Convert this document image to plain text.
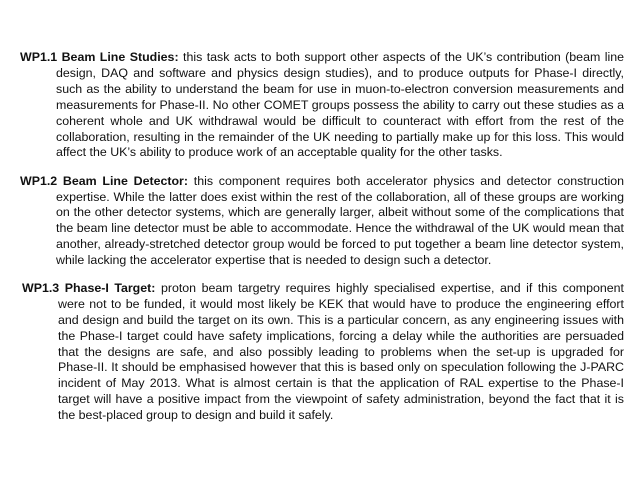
WP1.1 Beam Line Studies: this task acts to both support other aspects of the UK’s contribution (beam line design, DAQ and software and physics design studies), and to produce outputs for Phase-I directly, such as the ability to understand the beam for use in muon-to-electron conversion measurements and measurements for Phase-II. No other COMET groups possess the ability to carry out these studies as a coherent whole and UK withdrawal would be difficult to counteract with effort from the rest of the collaboration, resulting in the remainder of the UK needing to partially make up for this loss. This would affect the UK’s ability to produce work of an acceptable quality for the other tasks.

WP1.2 Beam Line Detector: this component requires both accelerator physics and detector construction expertise. While the latter does exist within the rest of the collaboration, all of these groups are working on the other detector systems, which are generally larger, albeit without some of the complications that the beam line detector must be able to accommodate. Hence the withdrawal of the UK would mean that another, already-stretched detector group would be forced to put together a beam line detector system, while lacking the accelerator expertise that is needed to design such a detector.

WP1.3 Phase-I Target: proton beam targetry requires highly specialised expertise, and if this component were not to be funded, it would most likely be KEK that would have to produce the engineering effort and design and build the target on its own. This is a particular concern, as any engineering issues with the Phase-I target could have safety implications, forcing a delay while the authorities are persuaded that the designs are safe, and also possibly leading to problems when the set-up is upgraded for Phase-II. It should be emphasised however that this is based only on speculation following the J-PARC incident of May 2013. What is almost certain is that the application of RAL expertise to the Phase-I target will have a positive impact from the viewpoint of safety administration, beyond the fact that it is the best-placed group to design and build it safely.
